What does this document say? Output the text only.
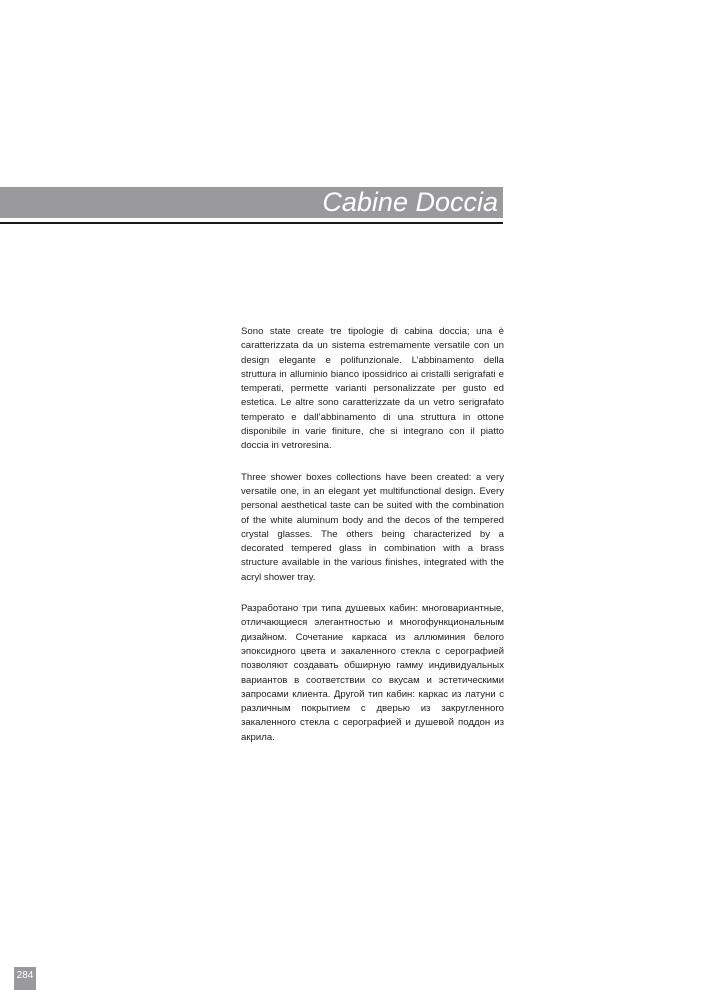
Cabine Doccia

Sono state create tre tipologie di cabina doccia; una è caratterizzata da un sistema estremamente versatile con un design elegante e polifunzionale. L’abbinamento della struttura in alluminio bianco ipossidrico ai cristalli serigrafati e temperati, permette varianti personalizzate per gusto ed estetica. Le altre sono caratterizzate da un vetro serigrafato temperato e dall’abbinamento di una struttura in ottone disponibile in varie finiture, che si integrano con il piatto doccia in vetroresina.

Three shower boxes collections have been created: a very versatile one, in an elegant yet multifunctional design. Every personal aesthetical taste can be suited with the combination of the white aluminum body and the decos of the tempered crystal glasses. The others being characterized by a decorated tempered glass in combination with a brass structure available in the various finishes, integrated with the acryl shower tray.

Разработано три типа душевых кабин: многовариантные, отличающиеся элегантностью и многофункциональным дизайном. Сочетание каркаса из аллюминия белого эпоксидного цвета и закаленного стекла с серографией позволяют создавать обширную гамму индивидуальных вариантов в соответствии со вкусам и эстетическими запросами клиента. Другой тип кабин: каркас из латуни с различным покрытием с дверью из закругленного закаленного стекла с серографией и душевой поддон из акрила.

284
